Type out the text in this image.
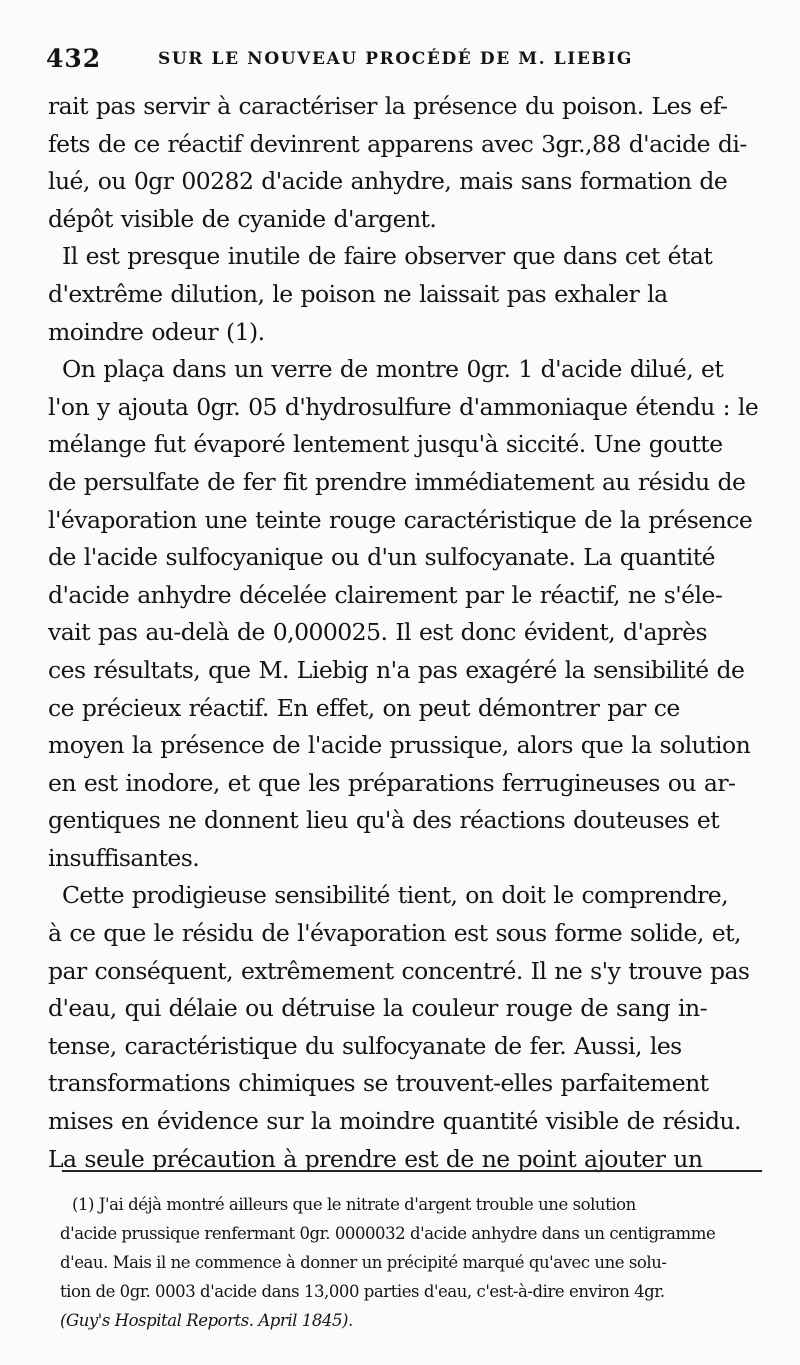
432	SUR LE NOUVEAU PROCÉDÉ DE M. LIEBIG
rait pas servir à caractériser la présence du poison. Les ef-
fets de ce réactif devinrent apparens avec 3gr.,88 d'acide di-
lué, ou 0gr 00282 d'acide anhydre, mais sans formation de
dépôt visible de cyanide d'argent.
Il est presque inutile de faire observer que dans cet état
d'extrême dilution, le poison ne laissait pas exhaler la
moindre odeur (1).
On plaça dans un verre de montre 0gr. 1 d'acide dilué, et
l'on y ajouta 0gr. 05 d'hydrosulfure d'ammoniaque étendu : le
mélange fut évaporé lentement jusqu'à siccité. Une goutte
de persulfate de fer fit prendre immédiatement au résidu de
l'évaporation une teinte rouge caractéristique de la présence
de l'acide sulfocyanique ou d'un sulfocyanate. La quantité
d'acide anhydre décelée clairement par le réactif, ne s'éle-
vait pas au-delà de 0,000025. Il est donc évident, d'après
ces résultats, que M. Liebig n'a pas exagéré la sensibilité de
ce précieux réactif. En effet, on peut démontrer par ce
moyen la présence de l'acide prussique, alors que la solution
en est inodore, et que les préparations ferrugineuses ou ar-
gentiques ne donnent lieu qu'à des réactions douteuses et
insuffisantes.
Cette prodigieuse sensibilité tient, on doit le comprendre,
à ce que le résidu de l'évaporation est sous forme solide, et,
par conséquent, extrêmement concentré. Il ne s'y trouve pas
d'eau, qui délaie ou détruise la couleur rouge de sang in-
tense, caractéristique du sulfocyanate de fer. Aussi, les
transformations chimiques se trouvent-elles parfaitement
mises en évidence sur la moindre quantité visible de résidu.
La seule précaution à prendre est de ne point ajouter un
(1) J'ai déjà montré ailleurs que le nitrate d'argent trouble une solution
d'acide prussique renfermant 0gr. 0000032 d'acide anhydre dans un centigramme
d'eau. Mais il ne commence à donner un précipité marqué qu'avec une solu-
tion de 0gr. 0003 d'acide dans 13,000 parties d'eau, c'est-à-dire environ 4gr.
(Guy's Hospital Reports. April 1845).
